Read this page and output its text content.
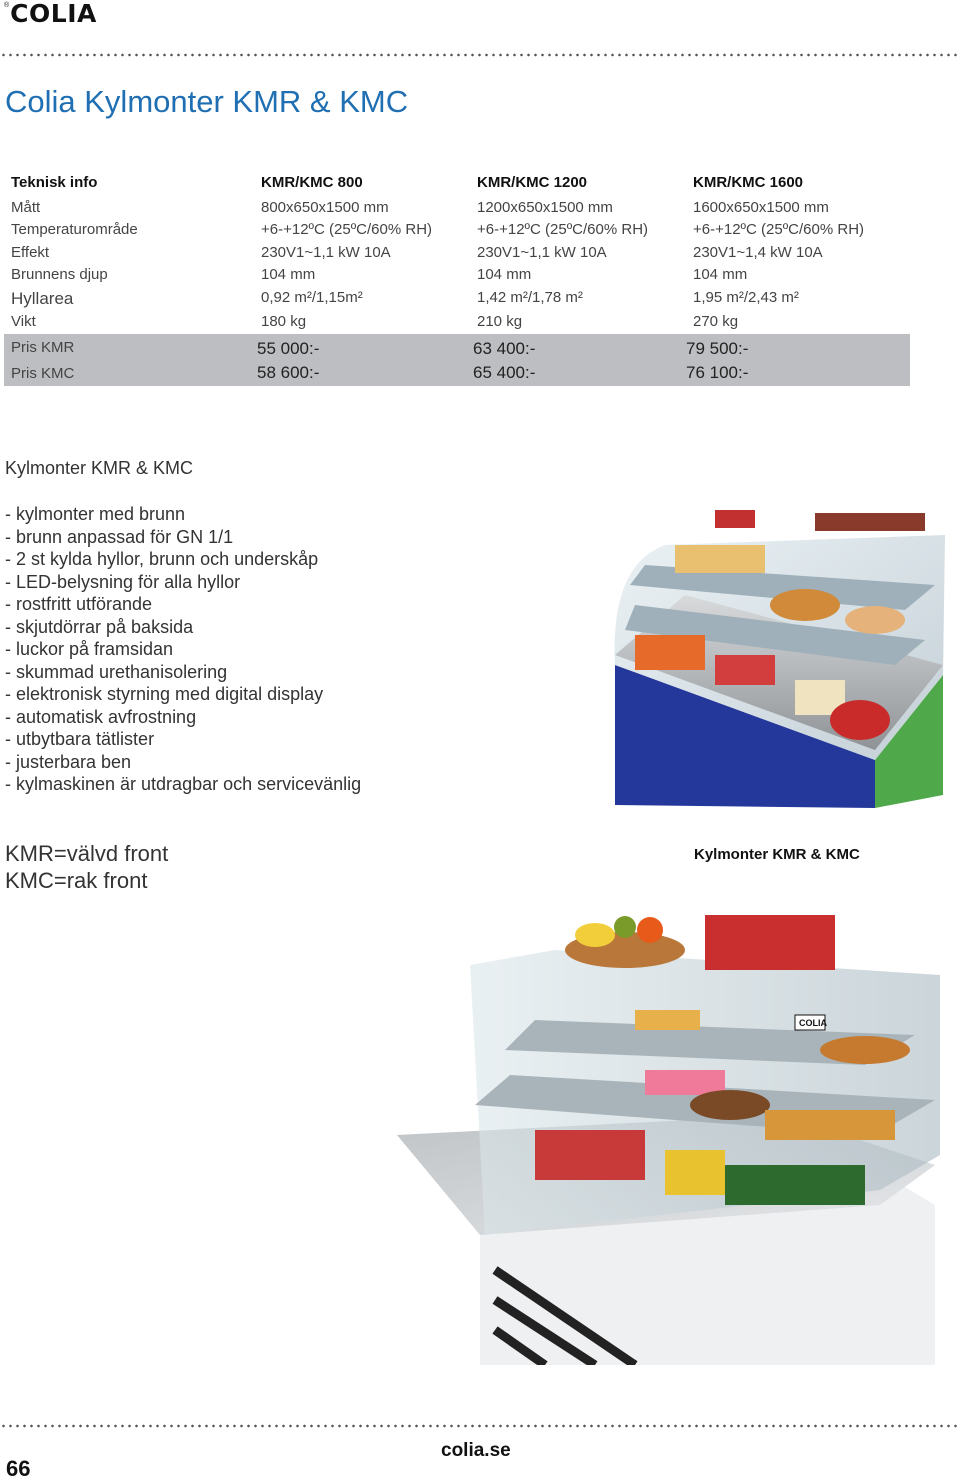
® COLIA
Colia Kylmonter KMR & KMC
Teknisk info	KMR/KMC 800	KMR/KMC 1200	KMR/KMC 1600
Mått	800x650x1500 mm	1200x650x1500 mm	1600x650x1500 mm
Temperaturområde	+6-+12ºC (25ºC/60% RH)	+6-+12ºC (25ºC/60% RH)	+6-+12ºC (25ºC/60% RH)
Effekt	230V1~1,1 kW 10A	230V1~1,1 kW 10A	230V1~1,4 kW 10A
Brunnens djup	104 mm	104 mm	104 mm
Hyllarea	0,92 m²/1,15m²	1,42 m²/1,78 m²	1,95 m²/2,43 m²
Vikt	180 kg	210 kg	270 kg
Pris KMR	55 000:-	63 400:-	79 500:-
Pris KMC	58 600:-	65 400:-	76 100:-
Kylmonter KMR & KMC
- kylmonter med brunn
- brunn anpassad för GN 1/1
- 2 st kylda hyllor, brunn och underskåp
- LED-belysning för alla hyllor
- rostfritt utförande
- skjutdörrar på baksida
- luckor på framsidan
- skummad urethanisolering
- elektronisk styrning med digital display
- automatisk avfrostning
- utbytbara tätlister
- justerbara ben
- kylmaskinen är utdragbar och servicevänlig
KMR=välvd front
KMC=rak front
Kylmonter KMR & KMC
COLIA
colia.se
66
